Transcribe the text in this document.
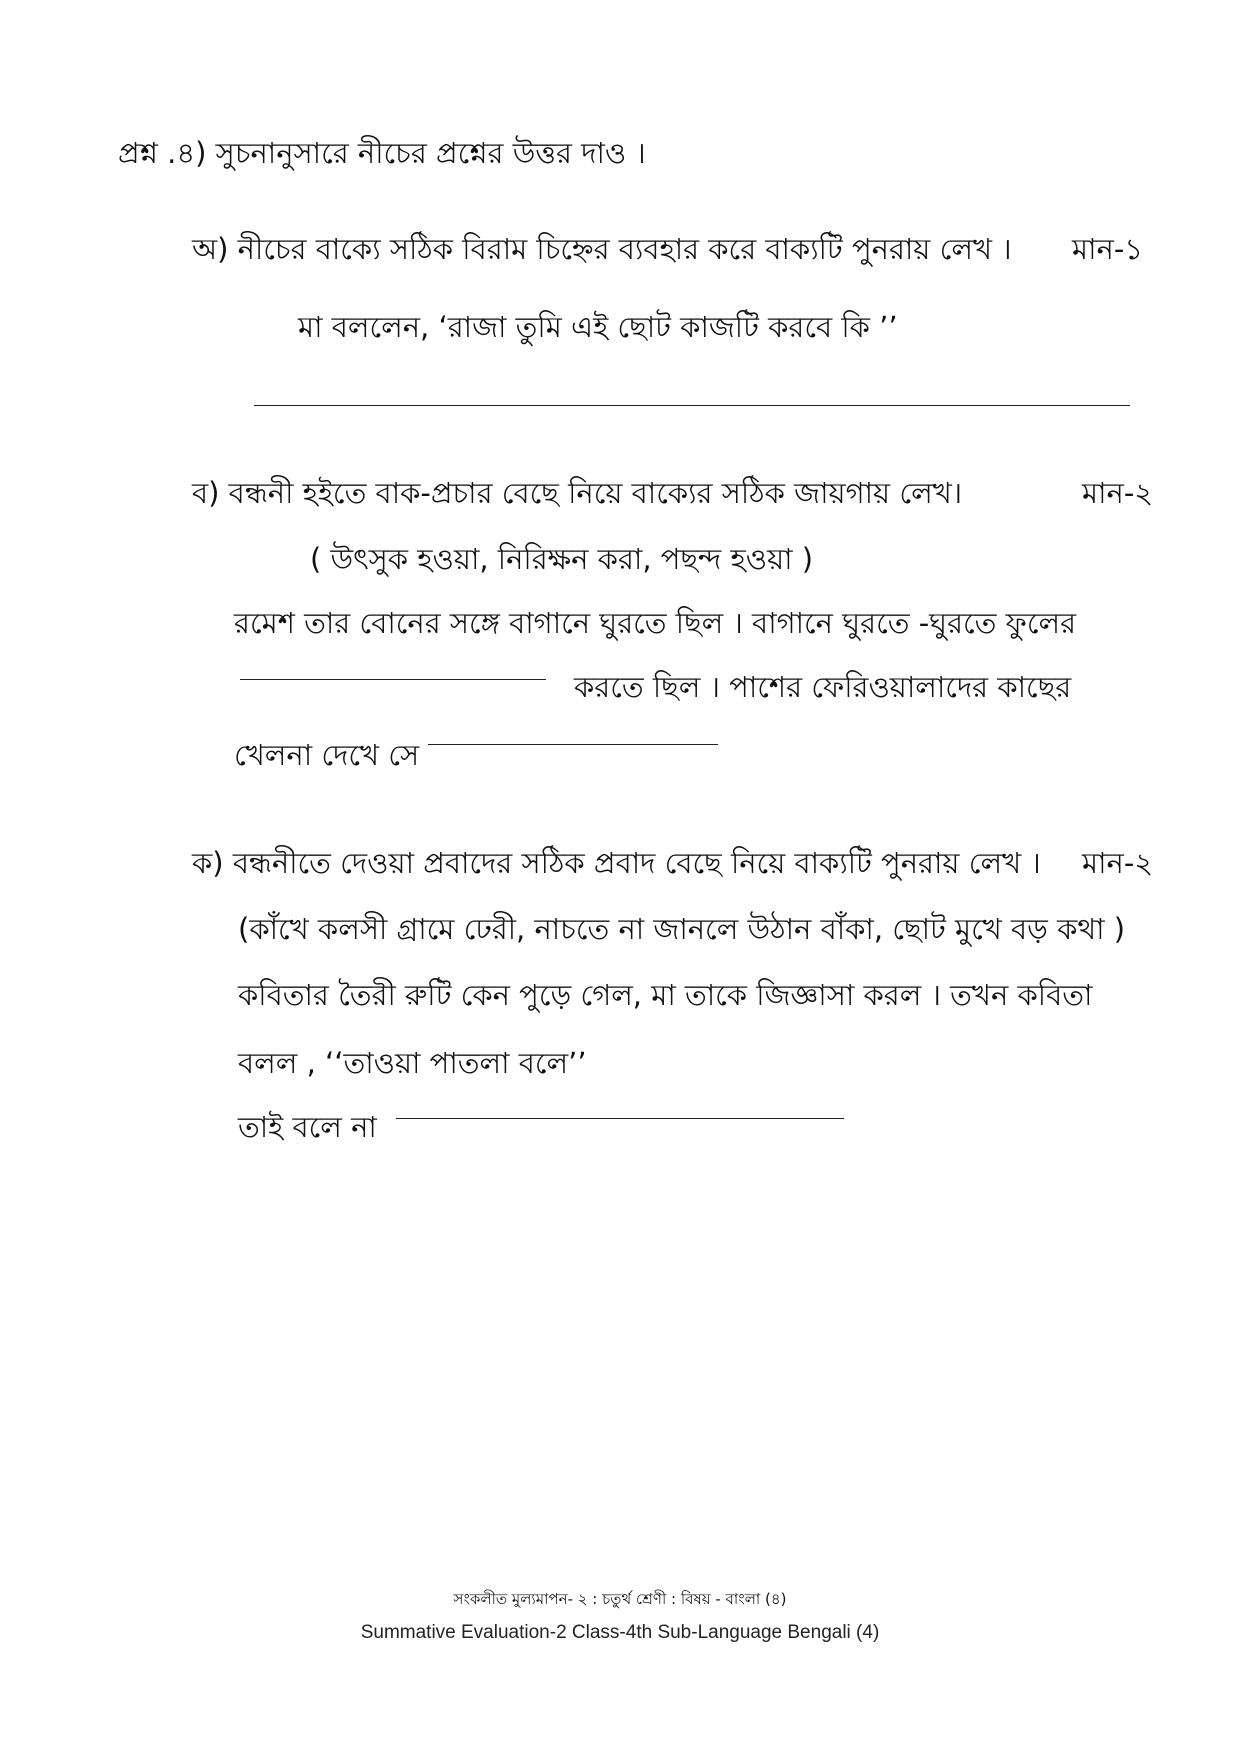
প্রশ্ন .৪) সুচনানুসারে নীচের প্রশ্নের উত্তর দাও ।
অ) নীচের বাক্যে সঠিক বিরাম চিহ্নের ব্যবহার করে বাক্যটি পুনরায় লেখ । মান-১
মা বললেন, ‘রাজা তুমি এই ছোট কাজটি করবে কি ’’
ব) বন্ধনী হইতে বাক-প্রচার বেছে নিয়ে বাক্যের সঠিক জায়গায় লেখ।	মান-২
( উৎসুক হওয়া, নিরিক্ষন করা, পছন্দ হওয়া )
রমেশ তার বোনের সঙ্গে বাগানে ঘুরতে ছিল । বাগানে ঘুরতে -ঘুরতে ফুলের
করতে ছিল । পাশের ফেরিওয়ালাদের কাছের
খেলনা দেখে সে
ক) বন্ধনীতে দেওয়া প্রবাদের সঠিক প্রবাদ বেছে নিয়ে বাক্যটি পুনরায় লেখ । মান-২
(কাঁখে কলসী গ্রামে ঢেরী, নাচতে না জানলে উঠান বাঁকা, ছোট মুখে বড় কথা )
কবিতার তৈরী রুটি কেন পুড়ে গেল, মা তাকে জিজ্ঞাসা করল । তখন কবিতা
বলল , ‘‘তাওয়া পাতলা বলে’’
তাই বলে না
সংকলীত মুল্যমাপন- ২ : চতুর্থ শ্রেণী : বিষয় - বাংলা (৪)
Summative Evaluation-2 Class-4th Sub-Language Bengali (4)
